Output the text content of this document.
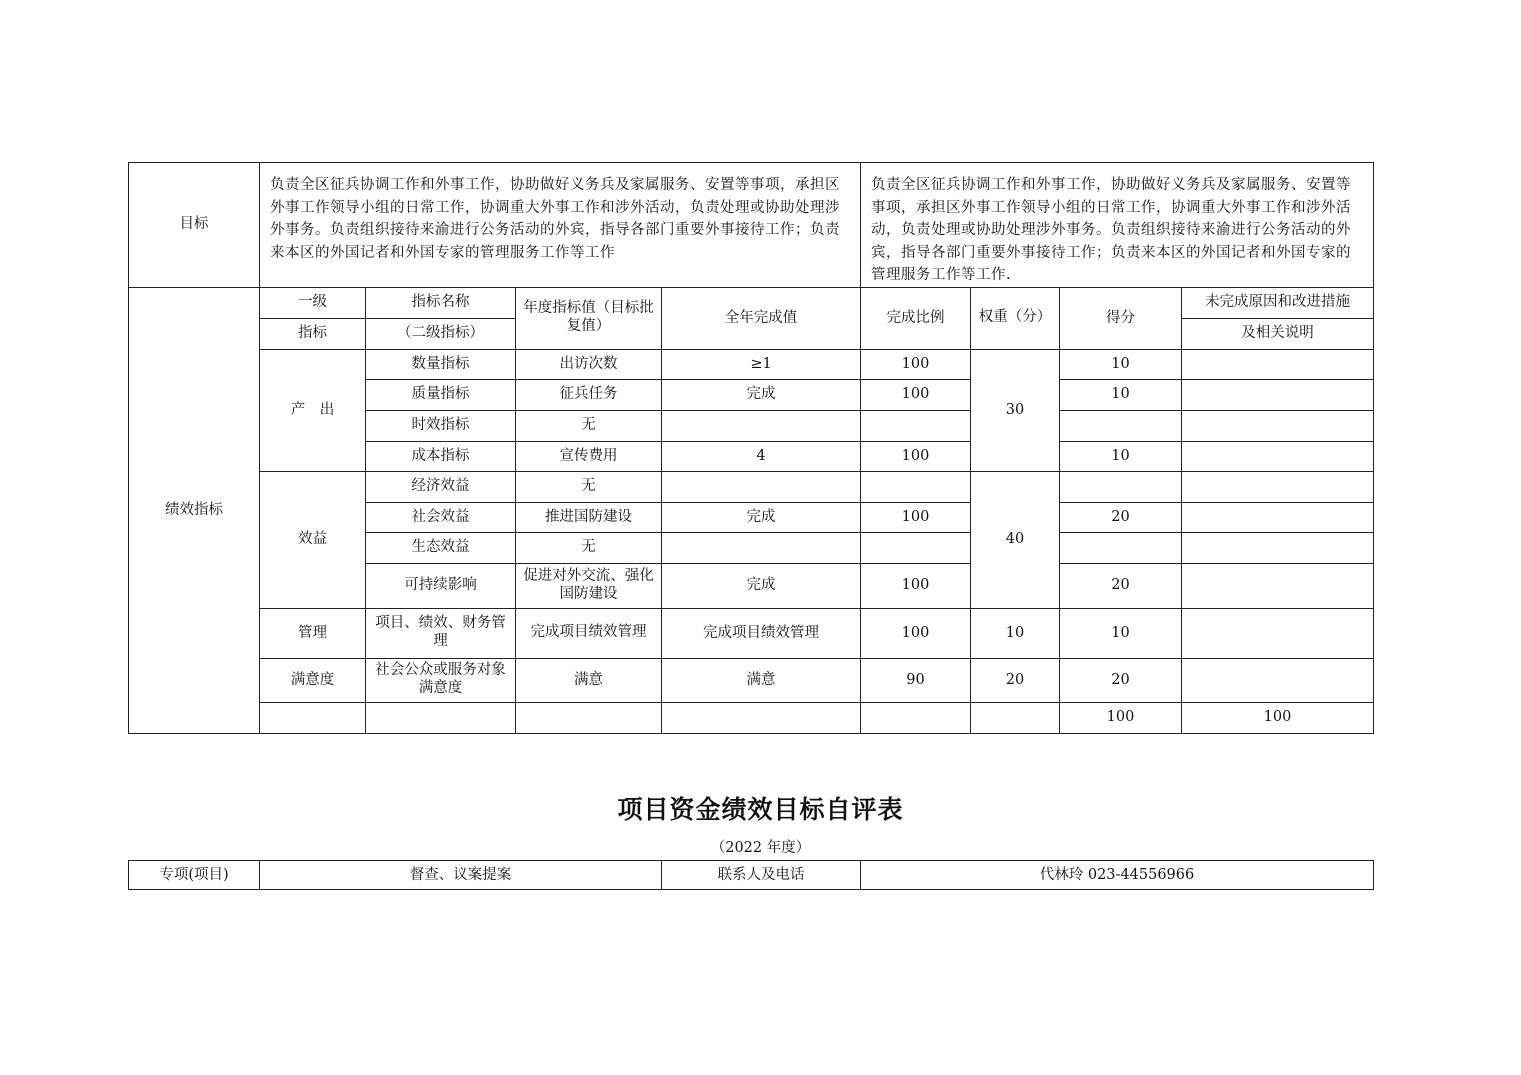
目标	负责全区征兵协调工作和外事工作，协助做好义务兵及家属服务、安置等事项，承担区外事工作领导小组的日常工作，协调重大外事工作和涉外活动，负责处理或协助处理涉外事务。负责组织接待来渝进行公务活动的外宾，指导各部门重要外事接待工作；负责来本区的外国记者和外国专家的管理服务工作等工作				负责全区征兵协调工作和外事工作，协助做好义务兵及家属服务、安置等事项，承担区外事工作领导小组的日常工作，协调重大外事工作和涉外活动，负责处理或协助处理涉外事务。负责组织接待来渝进行公务活动的外宾，指导各部门重要外事接待工作；负责来本区的外国记者和外国专家的管理服务工作等工作.				
绩效指标	一级	指标名称	年度指标值（目标批复值）	全年完成值	完成比例	权重（分）	得分	未完成原因和改进措施	
	指标	（二级指标）						及相关说明	
	产　出	数量指标	出访次数	≥1	100	30	10		
		质量指标	征兵任务	完成	100		10		
		时效指标	无						
		成本指标	宣传费用	4	100		10		
	效益	经济效益	无			40			
		社会效益	推进国防建设	完成	100		20		
		生态效益	无						
		可持续影响	促进对外交流、强化国防建设	完成	100		20		
	管理	项目、绩效、财务管理	完成项目绩效管理	完成项目绩效管理	100	10	10		
	满意度	社会公众或服务对象满意度	满意	满意	90	20	20		
							100	100	
项目资金绩效目标自评表
（2022 年度）
专项(项目)	督查、议案提案	联系人及电话	代林玲 023-44556966
